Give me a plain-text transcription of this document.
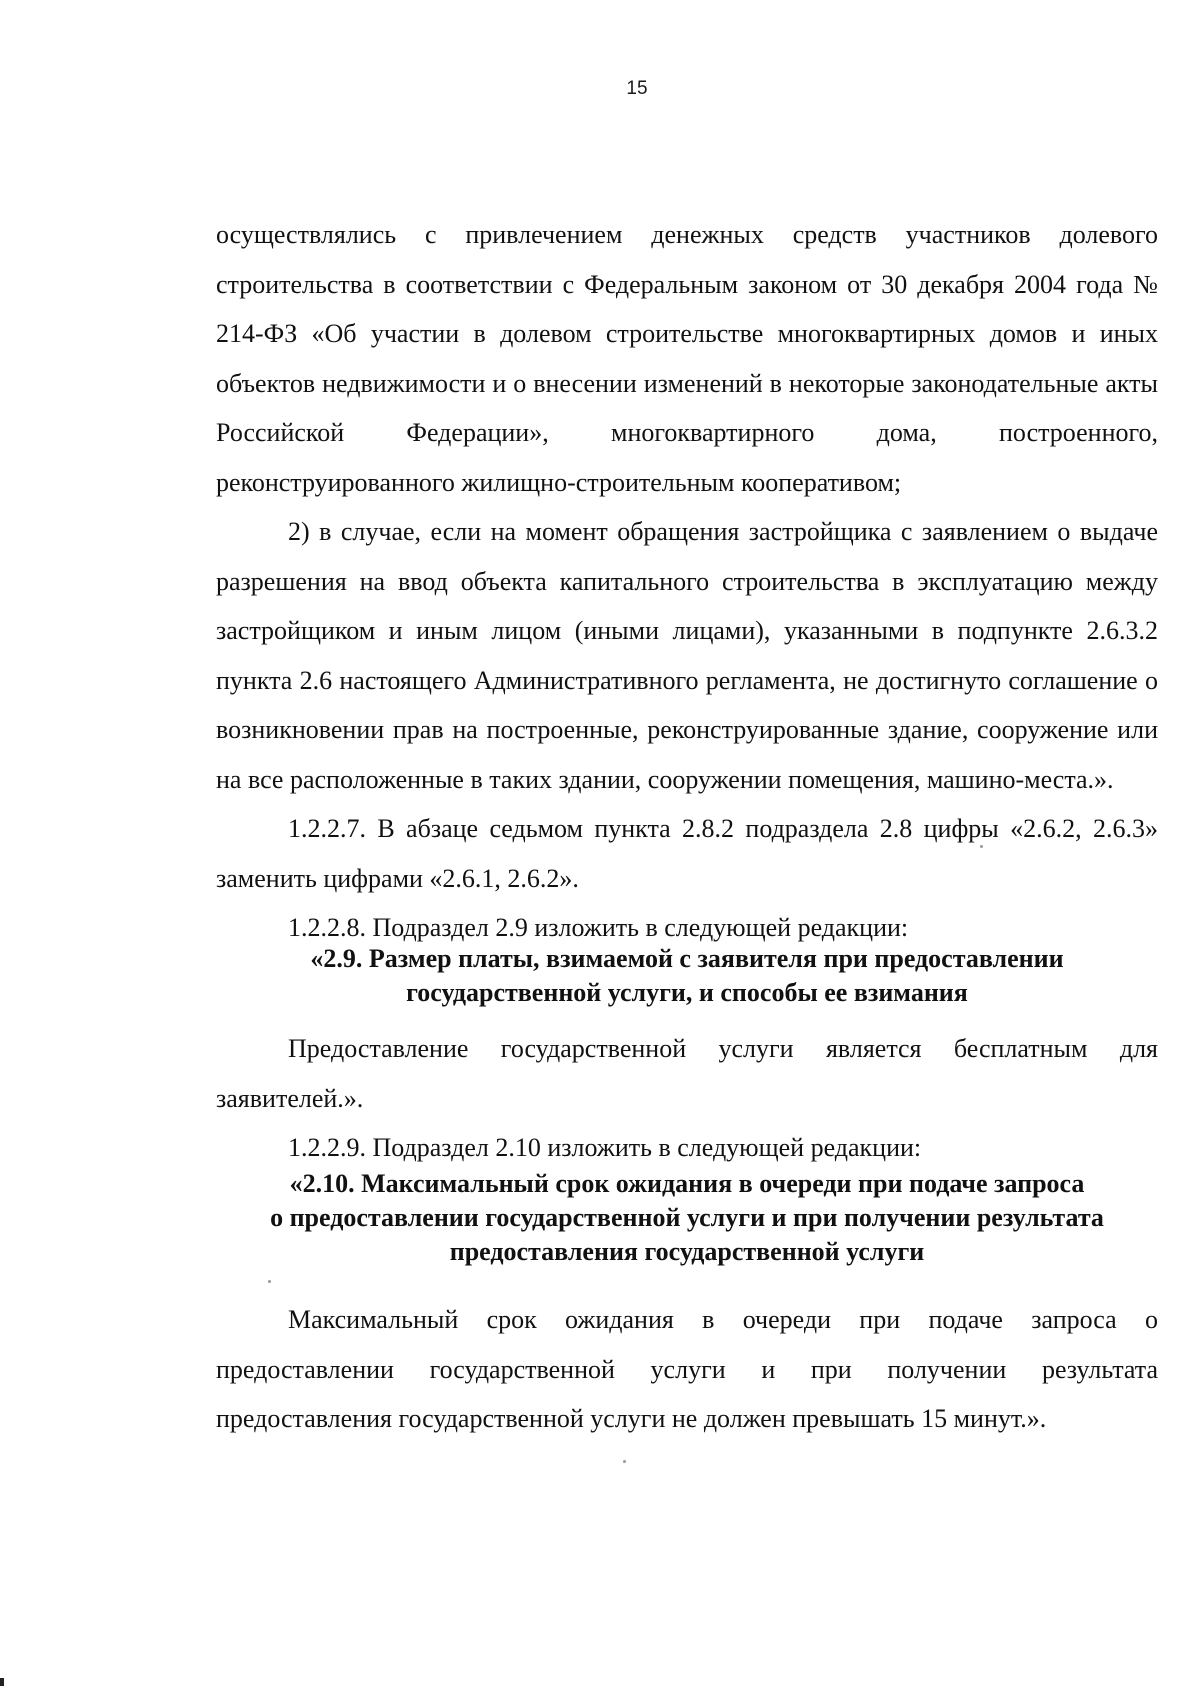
15

осуществлялись с привлечением денежных средств участников долевого строительства в соответствии с Федеральным законом от 30 декабря 2004 года № 214-ФЗ «Об участии в долевом строительстве многоквартирных домов и иных объектов недвижимости и о внесении изменений в некоторые законодательные акты Российской Федерации», многоквартирного дома, построенного, реконструированного жилищно-строительным кооперативом;

2) в случае, если на момент обращения застройщика с заявлением о выдаче разрешения на ввод объекта капитального строительства в эксплуатацию между застройщиком и иным лицом (иными лицами), указанными в подпункте 2.6.3.2 пункта 2.6 настоящего Административного регламента, не достигнуто соглашение о возникновении прав на построенные, реконструированные здание, сооружение или на все расположенные в таких здании, сооружении помещения, машино-места.».

1.2.2.7. В абзаце седьмом пункта 2.8.2 подраздела 2.8 цифры «2.6.2, 2.6.3» заменить цифрами «2.6.1, 2.6.2».

1.2.2.8. Подраздел 2.9 изложить в следующей редакции:

«2.9. Размер платы, взимаемой с заявителя при предоставлении
государственной услуги, и способы ее взимания

Предоставление государственной услуги является бесплатным для заявителей.».

1.2.2.9. Подраздел 2.10 изложить в следующей редакции:

«2.10. Максимальный срок ожидания в очереди при подаче запроса
о предоставлении государственной услуги и при получении результата
предоставления государственной услуги

Максимальный срок ожидания в очереди при подаче запроса о предоставлении государственной услуги и при получении результата предоставления государственной услуги не должен превышать 15 минут.».
